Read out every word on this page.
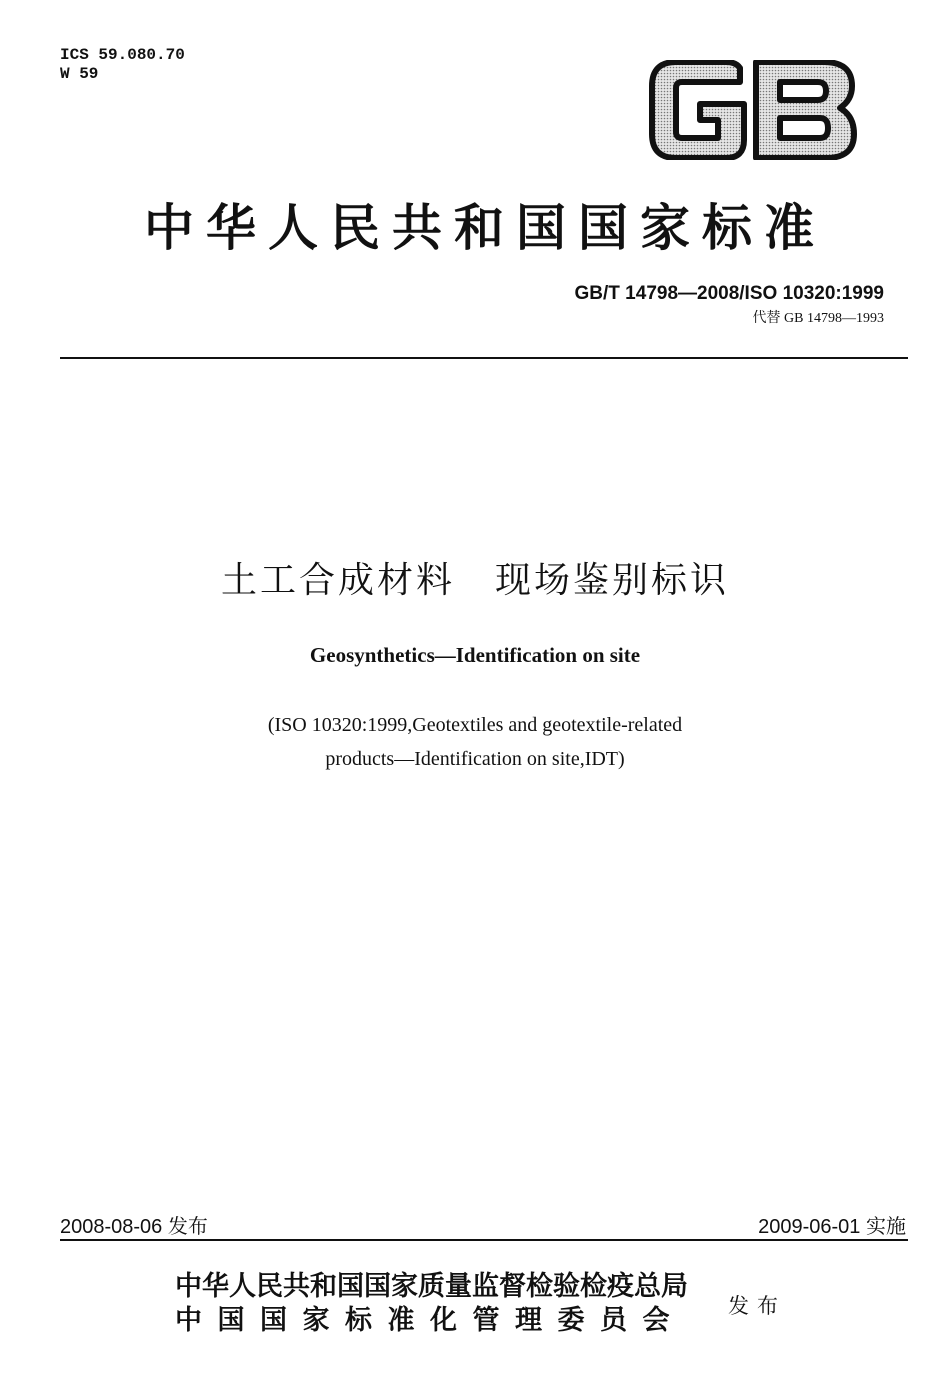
ICS 59.080.70
W 59
中华人民共和国国家标准
GB/T 14798—2008/ISO 10320:1999
代替 GB 14798—1993
土工合成材料 现场鉴别标识
Geosynthetics—Identification on site
(ISO 10320:1999,Geotextiles and geotextile-related
products—Identification on site,IDT)
2008-08-06 发布	2009-06-01 实施
中华人民共和国国家质量监督检验检疫总局
中国国家标准化管理委员会 发布
